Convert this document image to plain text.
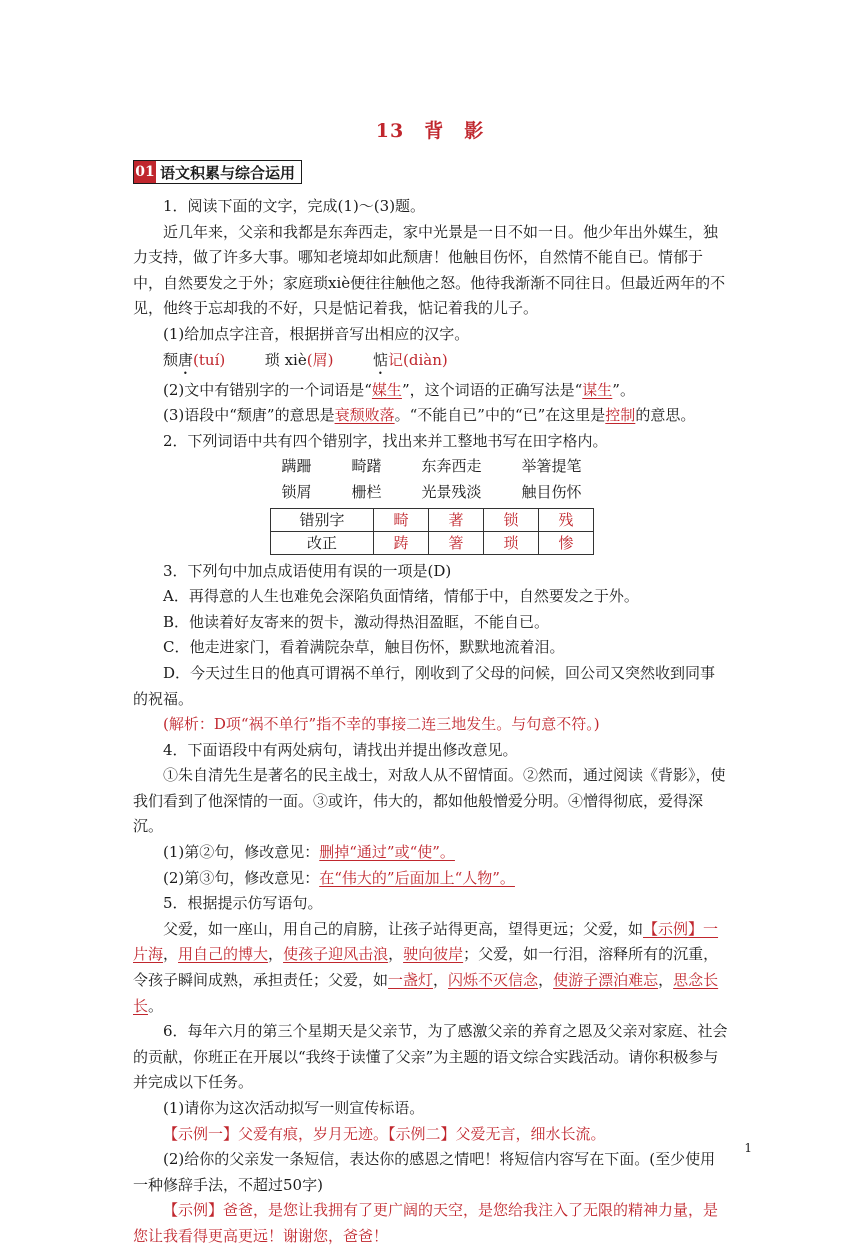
13　背　影
01 语文积累与综合运用

1．阅读下面的文字，完成(1)～(3)题。

近几年来，父亲和我都是东奔西走，家中光景是一日不如一日。他少年出外媒生，独力支持，做了许多大事。哪知老境却如此颓唐！他触目伤怀，自然情不能自已。情郁于中，自然要发之于外；家庭琐xiè便往往触他之怒。他待我渐渐不同往日。但最近两年的不见，他终于忘却我的不好，只是惦记着我，惦记着我的儿子。

(1)给加点字注音，根据拼音写出相应的汉字。

颓唐(tuí)	琐 xiè(屑)	惦记(diàn)

(2)文中有错别字的一个词语是“媒生”，这个词语的正确写法是“谋生”。

(3)语段中“颓唐”的意思是衰颓败落。“不能自已”中的“已”在这里是控制的意思。

2．下列词语中共有四个错别字，找出来并工整地书写在田字格内。

蹒跚	畸躇	东奔西走	举箸提笔
锁屑	栅栏	光景残淡	触目伤怀
错别字	畸	著	锁	残
改正	踌	箸	琐	惨

3．下列句中加点成语使用有误的一项是(D)

A．再得意的人生也难免会深陷负面情绪，情郁于中，自然要发之于外。

B．他读着好友寄来的贺卡，激动得热泪盈眶，不能自已。

C．他走进家门，看着满院杂草，触目伤怀，默默地流着泪。

D．今天过生日的他真可谓祸不单行，刚收到了父母的问候，回公司又突然收到同事的祝福。

(解析：D项“祸不单行”指不幸的事接二连三地发生。与句意不符。)

4．下面语段中有两处病句，请找出并提出修改意见。

①朱自清先生是著名的民主战士，对敌人从不留情面。②然而，通过阅读《背影》，使我们看到了他深情的一面。③或许，伟大的，都如他般憎爱分明。④憎得彻底，爱得深沉。

(1)第②句，修改意见：删掉“通过”或“使”。

(2)第③句，修改意见：在“伟大的”后面加上“人物”。

5．根据提示仿写语句。

父爱，如一座山，用自己的肩膀，让孩子站得更高，望得更远；父爱，如【示例】一片海，用自己的博大，使孩子迎风击浪，驶向彼岸；父爱，如一行泪，溶释所有的沉重，令孩子瞬间成熟，承担责任；父爱，如一盏灯，闪烁不灭信念，使游子漂泊难忘，思念长长。

6．每年六月的第三个星期天是父亲节，为了感激父亲的养育之恩及父亲对家庭、社会的贡献，你班正在开展以“我终于读懂了父亲”为主题的语文综合实践活动。请你积极参与并完成以下任务。

(1)请你为这次活动拟写一则宣传标语。

【示例一】父爱有痕，岁月无迹。【示例二】父爱无言，细水长流。

(2)给你的父亲发一条短信，表达你的感恩之情吧！将短信内容写在下面。(至少使用一种修辞手法，不超过50字)

【示例】爸爸，是您让我拥有了更广阔的天空，是您给我注入了无限的精神力量，是您让我看得更高更远！谢谢您，爸爸！

1
